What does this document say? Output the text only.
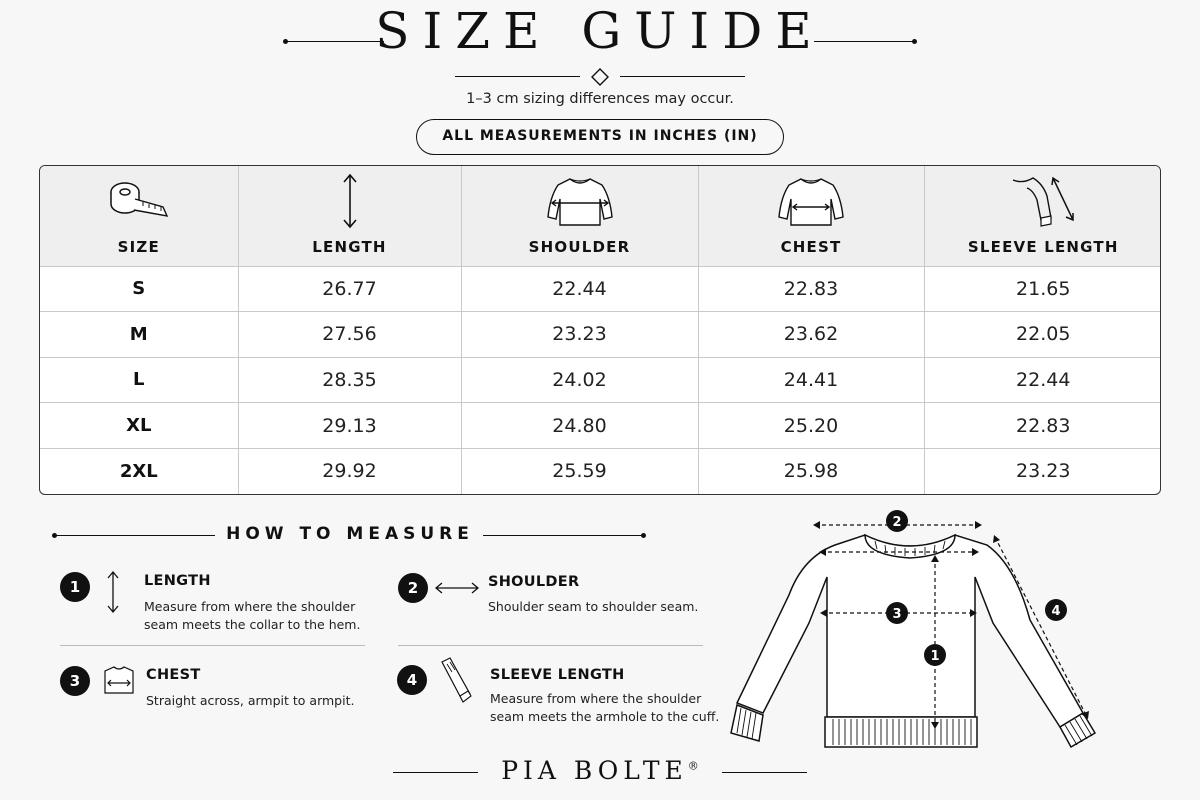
SIZE GUIDE

1–3 cm sizing differences may occur.

ALL MEASUREMENTS IN INCHES (IN)
SIZE	LENGTH	SHOULDER	CHEST	SLEEVE LENGTH

S	26.77	22.44	22.83	21.65
M	27.56	23.23	23.62	22.05
L	28.35	24.02	24.41	22.44
XL	29.13	24.80	25.20	22.83
2XL	29.92	25.59	25.98	23.23
HOW TO MEASURE
1	LENGTH
Measure from where the shoulder
seam meets the collar to the hem.
2	SHOULDER
Shoulder seam to shoulder seam.
3	CHEST
Straight across, armpit to armpit.
4	SLEEVE LENGTH
Measure from where the shoulder
seam meets the armhole to the cuff.
2
3
1
4
PIA BOLTE®
